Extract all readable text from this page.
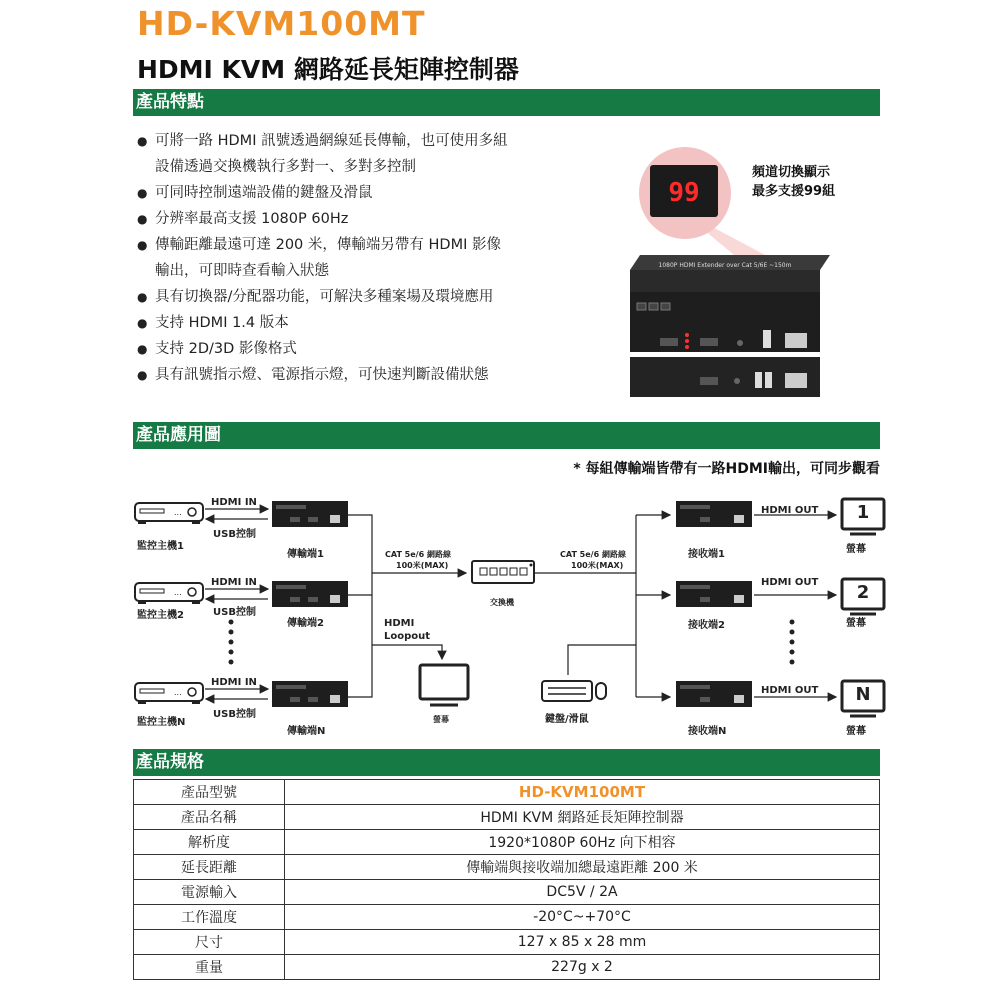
HD-KVM100MT
HDMI KVM 網路延長矩陣控制器
產品特點
● 可將一路 HDMI 訊號透過網線延長傳輸，也可使用多組
設備透過交換機執行多對一、多對多控制
● 可同時控制遠端設備的鍵盤及滑鼠
● 分辨率最高支援 1080P 60Hz
● 傳輸距離最遠可達 200 米，傳輸端另帶有 HDMI 影像
輸出，可即時查看輸入狀態
● 具有切換器/分配器功能，可解決多種案場及環境應用
● 支持 HDMI 1.4 版本
● 支持 2D/3D 影像格式
● 具有訊號指示燈、電源指示燈，可快速判斷設備狀態
99
1080P HDMI Extender over Cat 5/6E ~150m
頻道切換顯示
最多支援99組
產品應用圖
* 每組傳輸端皆帶有一路HDMI輸出，可同步觀看
...
...
...
HDMI IN
HDMI IN
HDMI IN
USB控制
USB控制
USB控制
監控主機1
監控主機2
監控主機N
傳輸端1
傳輸端2
傳輸端N
CAT 5e/6 網路線
100米(MAX)
CAT 5e/6 網路線
100米(MAX)
交換機
HDMI
Loopout
螢幕	鍵盤/滑鼠
接收端1
接收端2
接收端N
HDMI OUT
HDMI OUT
HDMI OUT
1
2
N
螢幕
螢幕
螢幕
產品規格
產品型號	HD-KVM100MT
產品名稱	HDMI KVM 網路延長矩陣控制器
解析度	1920*1080P 60Hz 向下相容
延長距離	傳輸端與接收端加總最遠距離 200 米
電源輸入	DC5V / 2A
工作溫度	-20°C~+70°C
尺寸	127 x 85 x 28 mm
重量	227g x 2
